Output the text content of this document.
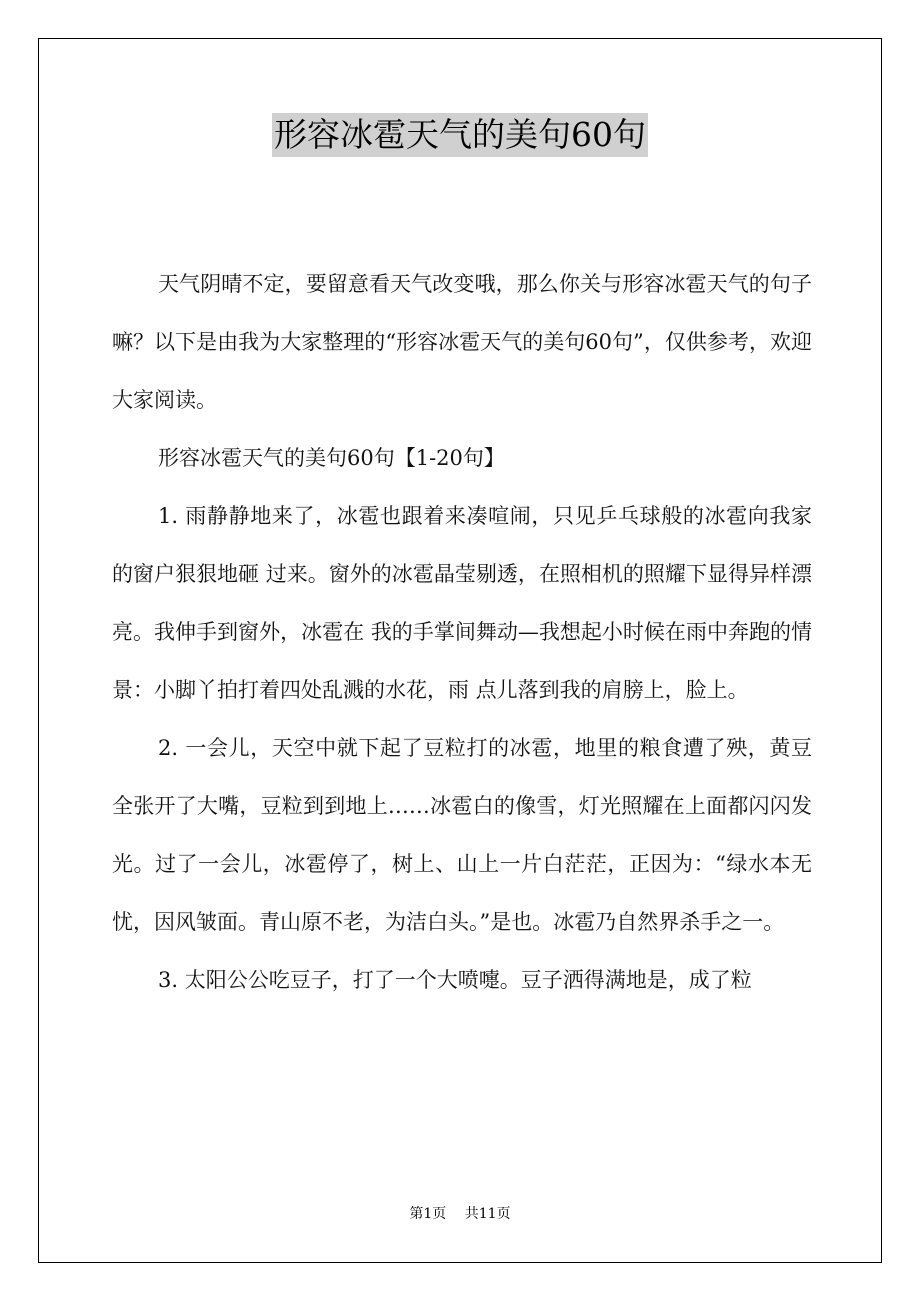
形容冰雹天气的美句60句

天气阴晴不定，要留意看天气改变哦，那么你关与形容冰雹天气的句子嘛？以下是由我为大家整理的“形容冰雹天气的美句60句”，仅供参考，欢迎大家阅读。

形容冰雹天气的美句60句【1-20句】

1. 雨静静地来了，冰雹也跟着来凑喧闹，只见乒乓球般的冰雹向我家的窗户狠狠地砸 过来。窗外的冰雹晶莹剔透，在照相机的照耀下显得异样漂亮。我伸手到窗外，冰雹在 我的手掌间舞动—我想起小时候在雨中奔跑的情景：小脚丫拍打着四处乱溅的水花，雨 点儿落到我的肩膀上，脸上。

2. 一会儿，天空中就下起了豆粒打的冰雹，地里的粮食遭了殃，黄豆全张开了大嘴，豆粒到到地上……冰雹白的像雪，灯光照耀在上面都闪闪发光。过了一会儿，冰雹停了，树上、山上一片白茫茫，正因为：“绿水本无忧，因风皱面。青山原不老，为洁白头。”是也。冰雹乃自然界杀手之一。

3. 太阳公公吃豆子，打了一个大喷嚏。豆子洒得满地是，成了粒

第1页 共11页
